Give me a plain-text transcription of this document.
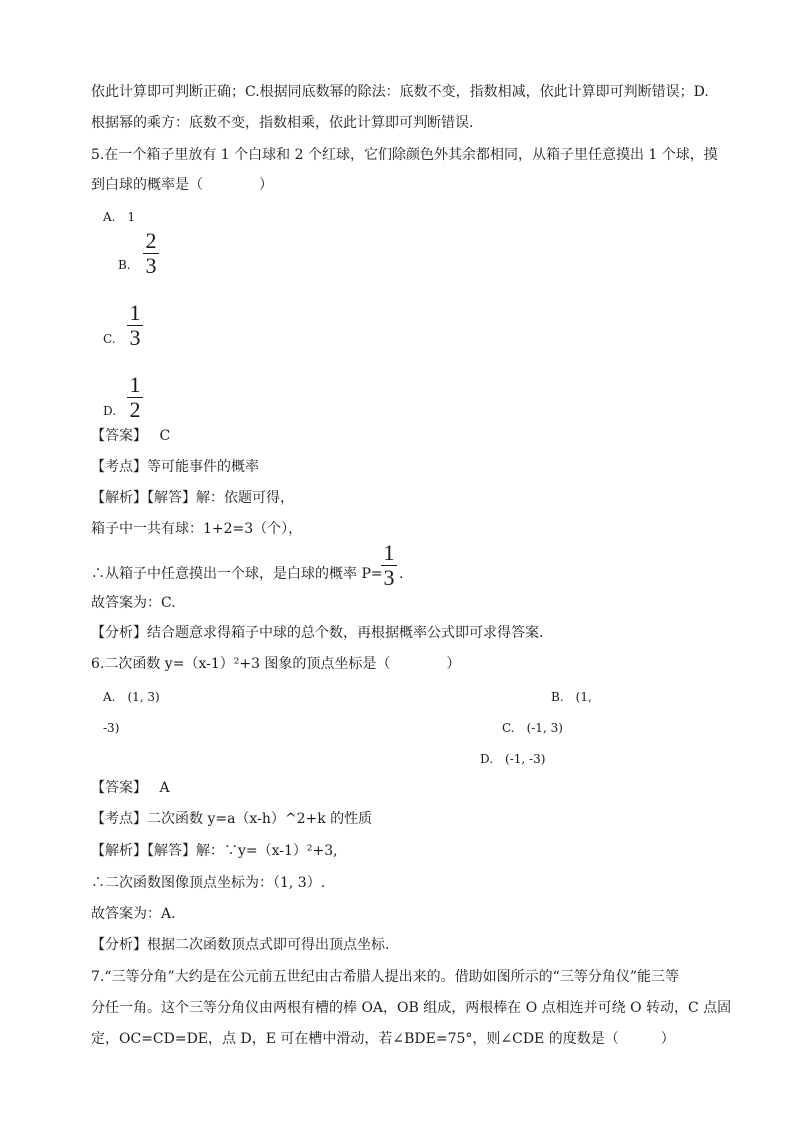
依此计算即可判断正确；C.根据同底数幂的除法：底数不变，指数相减，依此计算即可判断错误；D.
根据幂的乘方：底数不变，指数相乘，依此计算即可判断错误.
5.在一个箱子里放有 1 个白球和 2 个红球，它们除颜色外其余都相同，从箱子里任意摸出 1 个球，摸
到白球的概率是（　　　　）
A.　1
B.
2
3
C.
1
3
D.
1
2
【答案】 C
【考点】等可能事件的概率
【解析】【解答】解：依题可得，
箱子中一共有球：1+2=3（个），
∴从箱子中任意摸出一个球，是白球的概率 P=
1
3 .
故答案为：C.
【分析】结合题意求得箱子中球的总个数，再根据概率公式即可求得答案.
6.二次函数 y=（x-1）²+3 图象的顶点坐标是（　　　　）
A.　(1, 3)	B.　(1,
-3)	C.　(-1, 3)
D.　(-1, -3)
【答案】 A
【考点】二次函数 y=a（x-h）^2+k 的性质
【解析】【解答】解：∵y=（x-1）²+3,
∴二次函数图像顶点坐标为：（1, 3）.
故答案为：A.
【分析】根据二次函数顶点式即可得出顶点坐标.
7.“三等分角”大约是在公元前五世纪由古希腊人提出来的。借助如图所示的“三等分角仪”能三等
分任一角。这个三等分角仪由两根有槽的棒 OA，OB 组成，两根棒在 O 点相连并可绕 O 转动，C 点固
定，OC=CD=DE，点 D，E 可在槽中滑动，若∠BDE=75°，则∠CDE 的度数是（　　　）
